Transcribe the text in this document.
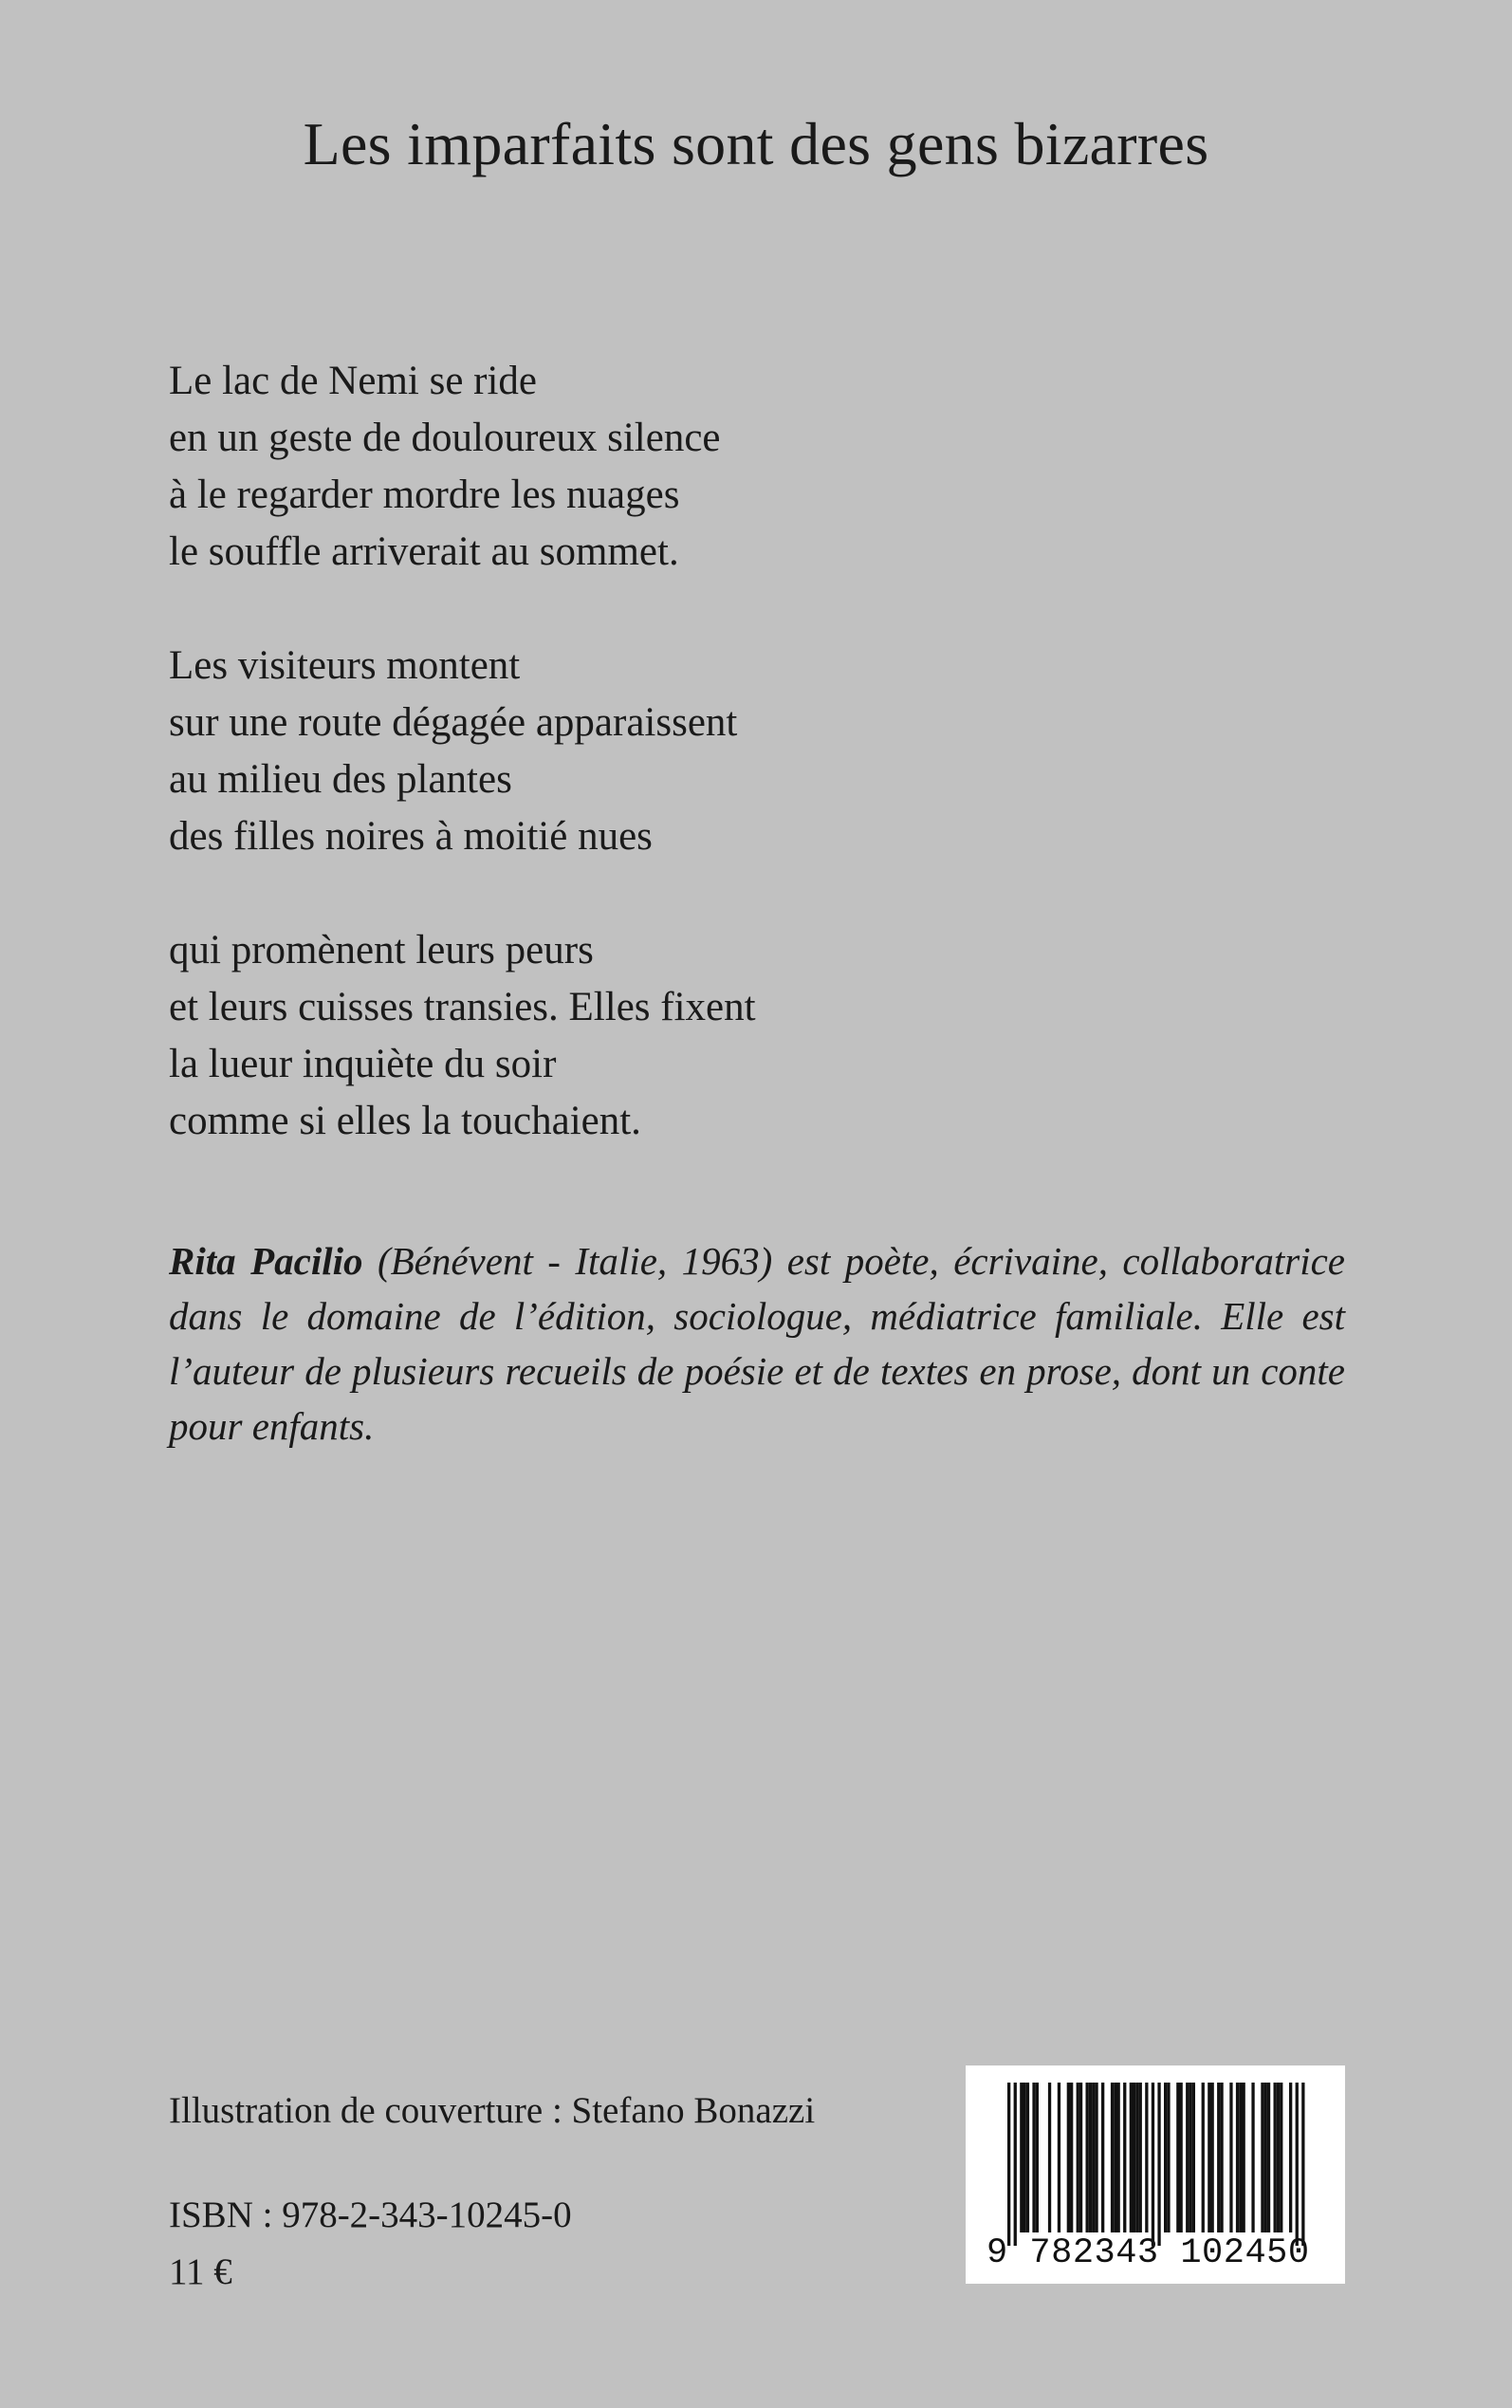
Les imparfaits sont des gens bizarres
Le lac de Nemi se ride
en un geste de douloureux silence
à le regarder mordre les nuages
le souffle arriverait au sommet.
Les visiteurs montent
sur une route dégagée apparaissent
au milieu des plantes
des filles noires à moitié nues
qui promènent leurs peurs
et leurs cuisses transies. Elles fixent
la lueur inquiète du soir
comme si elles la touchaient.

Rita Pacilio (Bénévent - Italie, 1963) est poète, écrivaine, collaboratrice dans le domaine de l’édition, sociologue, médiatrice familiale. Elle est l’auteur de plusieurs recueils de poésie et de textes en prose, dont un conte pour enfants.

Illustration de couverture : Stefano Bonazzi

ISBN : 978-2-343-10245-0

11 €	9 782343 102450
